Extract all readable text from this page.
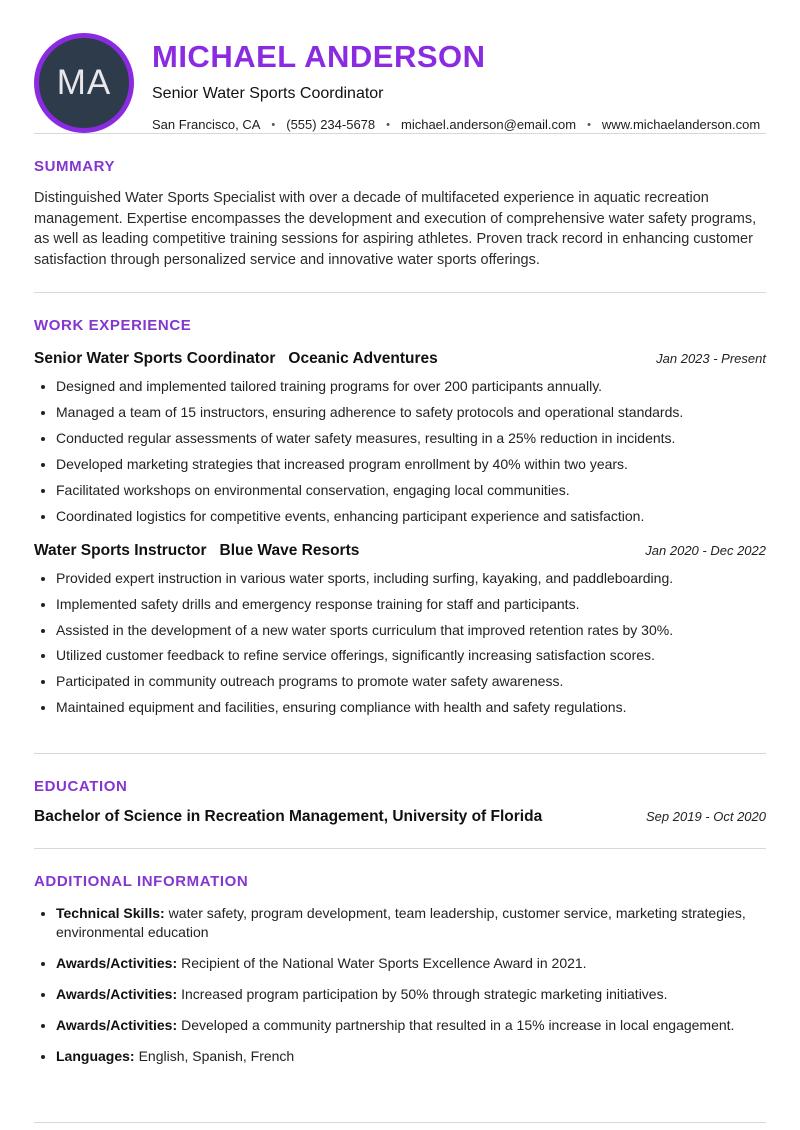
MA
MICHAEL ANDERSON
Senior Water Sports Coordinator
San Francisco, CA • (555) 234-5678 • michael.anderson@email.com • www.michaelanderson.com
SUMMARY

Distinguished Water Sports Specialist with over a decade of multifaceted experience in aquatic recreation management. Expertise encompasses the development and execution of comprehensive water safety programs, as well as leading competitive training sessions for aspiring athletes. Proven track record in enhancing customer satisfaction through personalized service and innovative water sports offerings.

WORK EXPERIENCE
Senior Water Sports Coordinator Oceanic Adventures	Jan 2023 - Present
• Designed and implemented tailored training programs for over 200 participants annually.
• Managed a team of 15 instructors, ensuring adherence to safety protocols and operational standards.
• Conducted regular assessments of water safety measures, resulting in a 25% reduction in incidents.
• Developed marketing strategies that increased program enrollment by 40% within two years.
• Facilitated workshops on environmental conservation, engaging local communities.
• Coordinated logistics for competitive events, enhancing participant experience and satisfaction.
Water Sports Instructor Blue Wave Resorts	Jan 2020 - Dec 2022
• Provided expert instruction in various water sports, including surfing, kayaking, and paddleboarding.
• Implemented safety drills and emergency response training for staff and participants.
• Assisted in the development of a new water sports curriculum that improved retention rates by 30%.
• Utilized customer feedback to refine service offerings, significantly increasing satisfaction scores.
• Participated in community outreach programs to promote water safety awareness.
• Maintained equipment and facilities, ensuring compliance with health and safety regulations.
EDUCATION
Bachelor of Science in Recreation Management, University of Florida	Sep 2019 - Oct 2020
ADDITIONAL INFORMATION
• Technical Skills: water safety, program development, team leadership, customer service, marketing strategies, environmental education
• Awards/Activities: Recipient of the National Water Sports Excellence Award in 2021.
• Awards/Activities: Increased program participation by 50% through strategic marketing initiatives.
• Awards/Activities: Developed a community partnership that resulted in a 15% increase in local engagement.
• Languages: English, Spanish, French
